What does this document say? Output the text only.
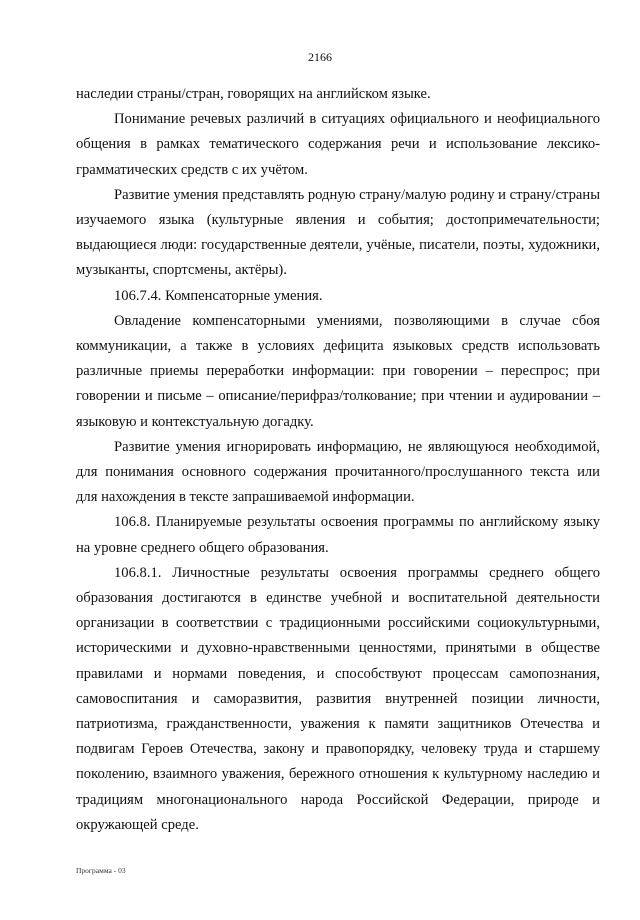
2166

наследии страны/стран, говорящих на английском языке.

Понимание речевых различий в ситуациях официального и неофициального общения в рамках тематического содержания речи и использование лексико-грамматических средств с их учётом.

Развитие умения представлять родную страну/малую родину и страну/страны изучаемого языка (культурные явления и события; достопримечательности; выдающиеся люди: государственные деятели, учёные, писатели, поэты, художники, музыканты, спортсмены, актёры).

106.7.4. Компенсаторные умения.

Овладение компенсаторными умениями, позволяющими в случае сбоя коммуникации, а также в условиях дефицита языковых средств использовать различные приемы переработки информации: при говорении – переспрос; при говорении и письме – описание/перифраз/толкование; при чтении и аудировании – языковую и контекстуальную догадку.

Развитие умения игнорировать информацию, не являющуюся необходимой, для понимания основного содержания прочитанного/прослушанного текста или для нахождения в тексте запрашиваемой информации.

106.8. Планируемые результаты освоения программы по английскому языку на уровне среднего общего образования.

106.8.1. Личностные результаты освоения программы среднего общего образования достигаются в единстве учебной и воспитательной деятельности организации в соответствии с традиционными российскими социокультурными, историческими и духовно-нравственными ценностями, принятыми в обществе правилами и нормами поведения, и способствуют процессам самопознания, самовоспитания и саморазвития, развития внутренней позиции личности, патриотизма, гражданственности, уважения к памяти защитников Отечества и подвигам Героев Отечества, закону и правопорядку, человеку труда и старшему поколению, взаимного уважения, бережного отношения к культурному наследию и традициям многонационального народа Российской Федерации, природе и окружающей среде.

Программа - 03
